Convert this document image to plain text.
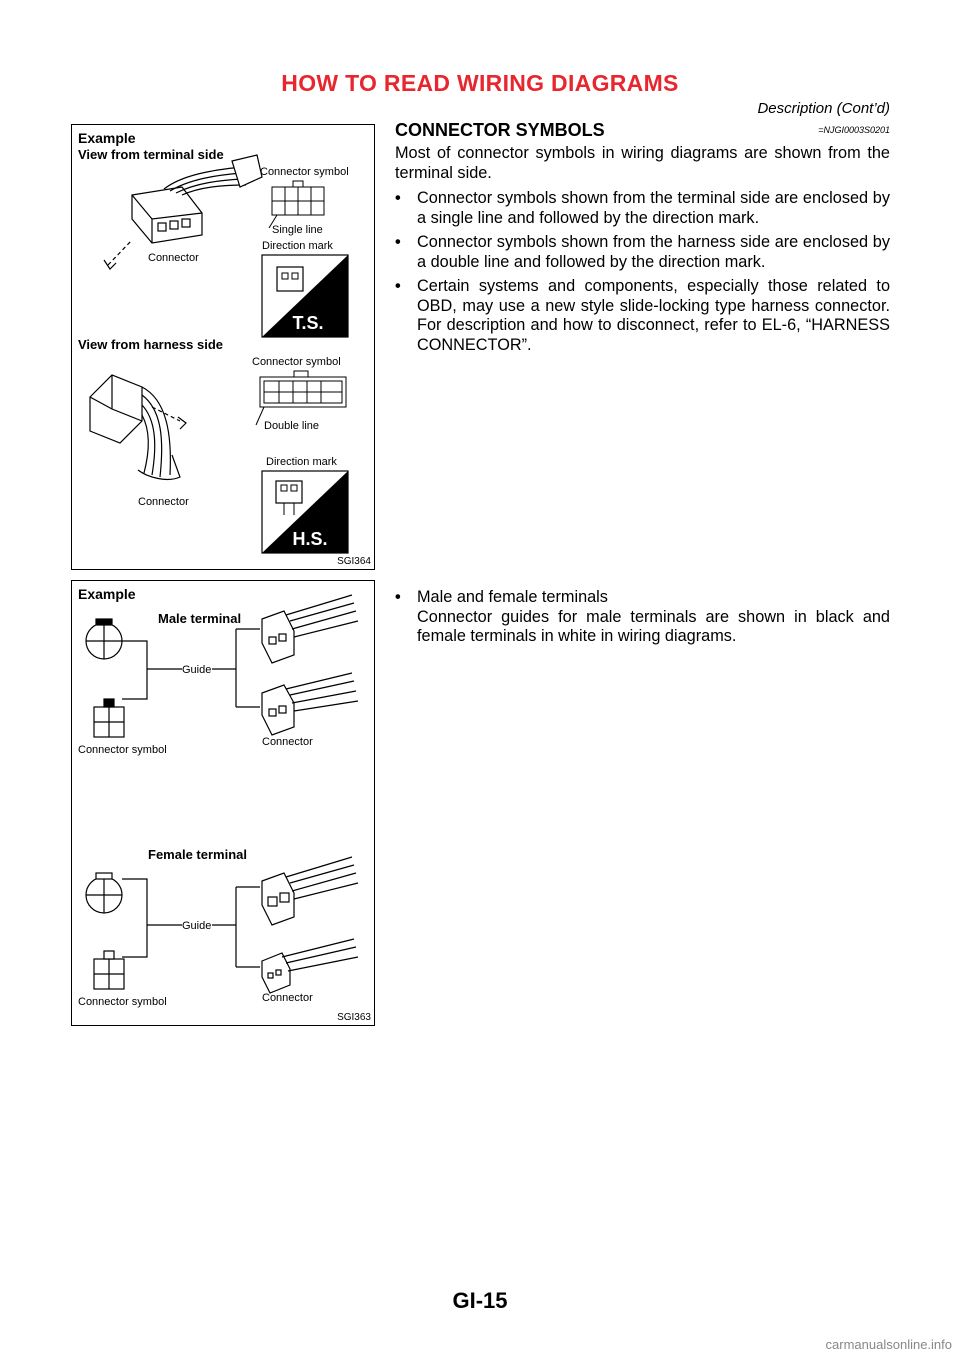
HOW TO READ WIRING DIAGRAMS
Description (Cont’d)
Example
View from terminal side
Connector
Connector symbol
Single line
Direction mark
T.S.
View from harness side
Connector
Connector symbol
Double line
Direction mark
H.S.
SGI364
Example
Male terminal
Guide
Connector symbol
Connector
Female terminal
Guide
Connector symbol	Connector
SGI363
CONNECTOR SYMBOLS	=NJGI0003S0201

Most of connector symbols in wiring diagrams are shown from the terminal side.

• Connector symbols shown from the terminal side are enclosed by a single line and followed by the direction mark.
• Connector symbols shown from the harness side are enclosed by a double line and followed by the direction mark.
• Certain systems and components, especially those related to OBD, may use a new style slide-locking type harness connector. For description and how to disconnect, refer to EL-6, “HARNESS CONNECTOR”.
• Male and female terminals
Connector guides for male terminals are shown in black and female terminals in white in wiring diagrams.
GI-15
carmanualsonline.info
